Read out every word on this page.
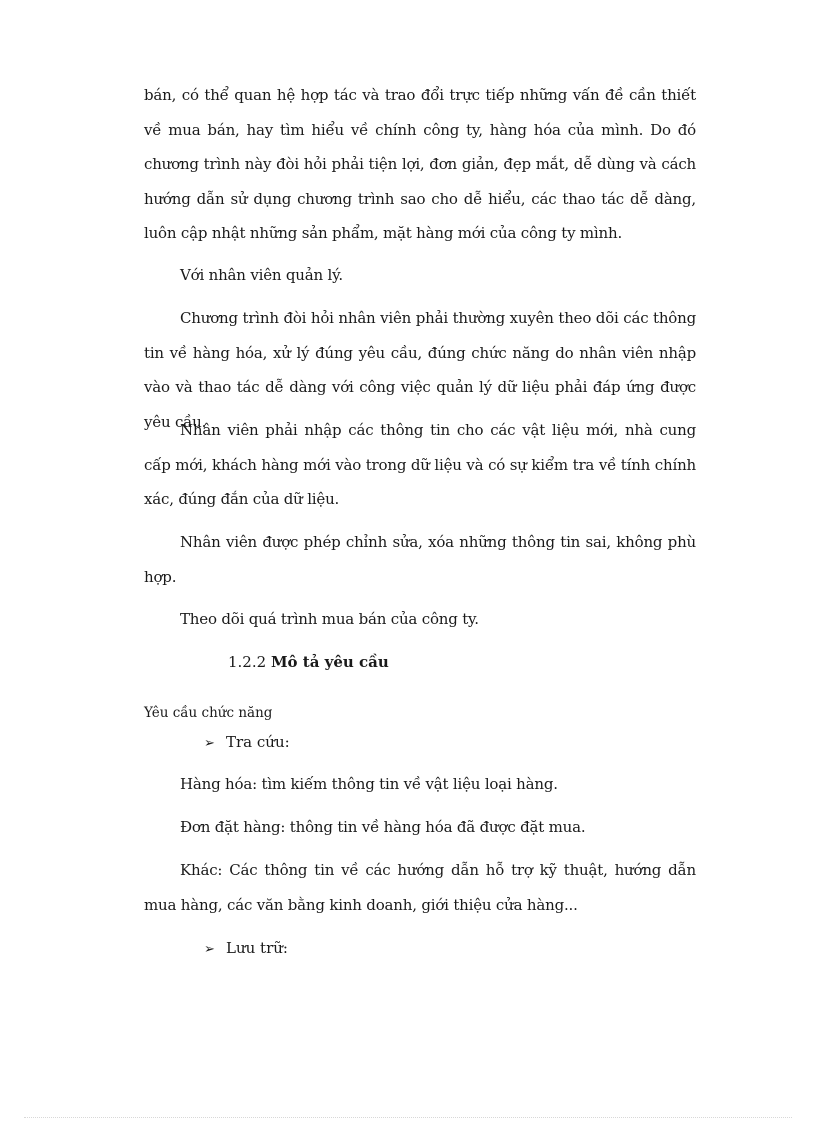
bán, có thể quan hệ hợp tác và trao đổi trực tiếp những vấn đề cần thiết về mua bán, hay tìm hiểu về chính công ty, hàng hóa của mình. Do đó chương trình này đòi hỏi phải tiện lợi, đơn giản, đẹp mắt, dễ dùng và cách hướng dẫn sử dụng chương trình sao cho dễ hiểu, các thao tác dễ dàng, luôn cập nhật những sản phẩm, mặt hàng mới của công ty mình.

Với nhân viên quản lý.

Chương trình đòi hỏi nhân viên phải thường xuyên theo dõi các thông tin về hàng hóa, xử lý đúng yêu cầu, đúng chức năng do nhân viên nhập vào và thao tác dễ dàng với công việc quản lý dữ liệu phải đáp ứng được yêu cầu.

Nhân viên phải nhập các thông tin cho các vật liệu mới, nhà cung cấp mới, khách hàng mới vào trong dữ liệu và có sự kiểm tra về tính chính xác, đúng đắn của dữ liệu.

Nhân viên được phép chỉnh sửa, xóa những thông tin sai, không phù hợp.

Theo dõi quá trình mua bán của công ty.

1.2.2 Mô tả yêu cầu

Yêu cầu chức năng

➢ Tra cứu:

Hàng hóa: tìm kiếm thông tin về vật liệu loại hàng.

Đơn đặt hàng: thông tin về hàng hóa đã được đặt mua.

Khác: Các thông tin về các hướng dẫn hỗ trợ kỹ thuật, hướng dẫn mua hàng, các văn bằng kinh doanh, giới thiệu cửa hàng...

➢ Lưu trữ:
